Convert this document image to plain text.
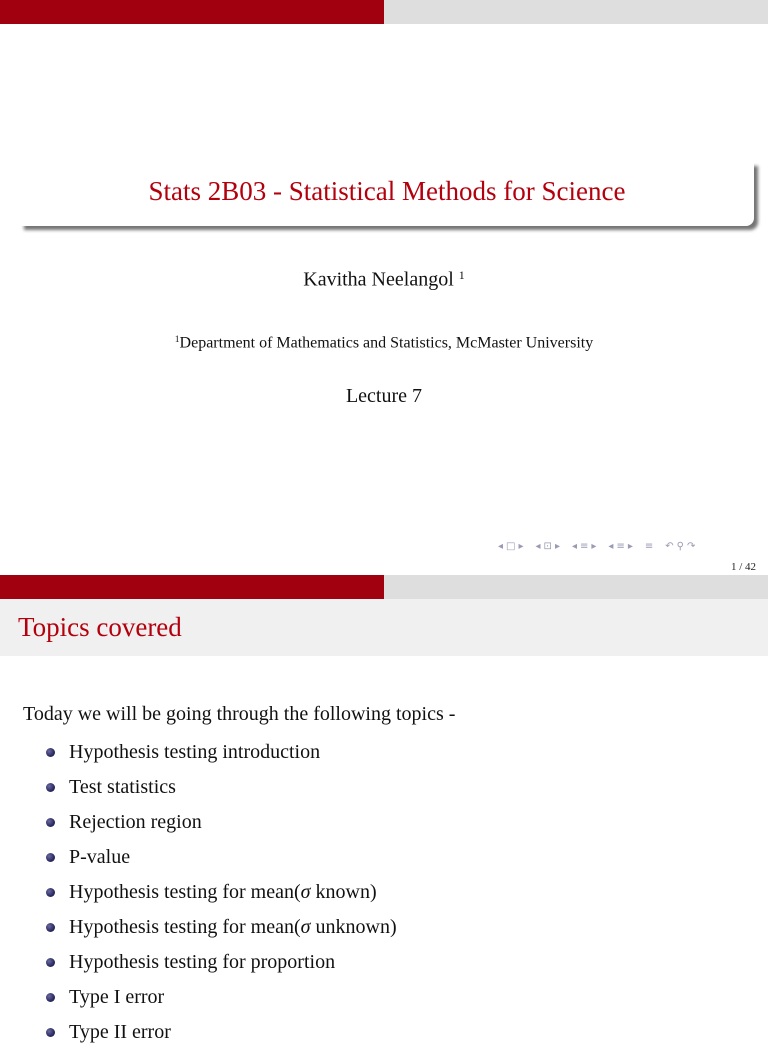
Stats 2B03 - Statistical Methods for Science
Kavitha Neelangol $^1$
$^1$Department of Mathematics and Statistics, McMaster University
Lecture 7
◂ □ ▸ ◂ ⊡ ▸ ◂ ≡ ▸ ◂ ≡ ▸ ≡ ↶ ⚲ ↷
1 / 42
Topics covered
Today we will be going through the following topics -
Hypothesis testing introduction
Test statistics
Rejection region
P-value
Hypothesis testing for mean( σ known)
Hypothesis testing for mean( σ unknown)
Hypothesis testing for proportion
Type I error
Type II error
